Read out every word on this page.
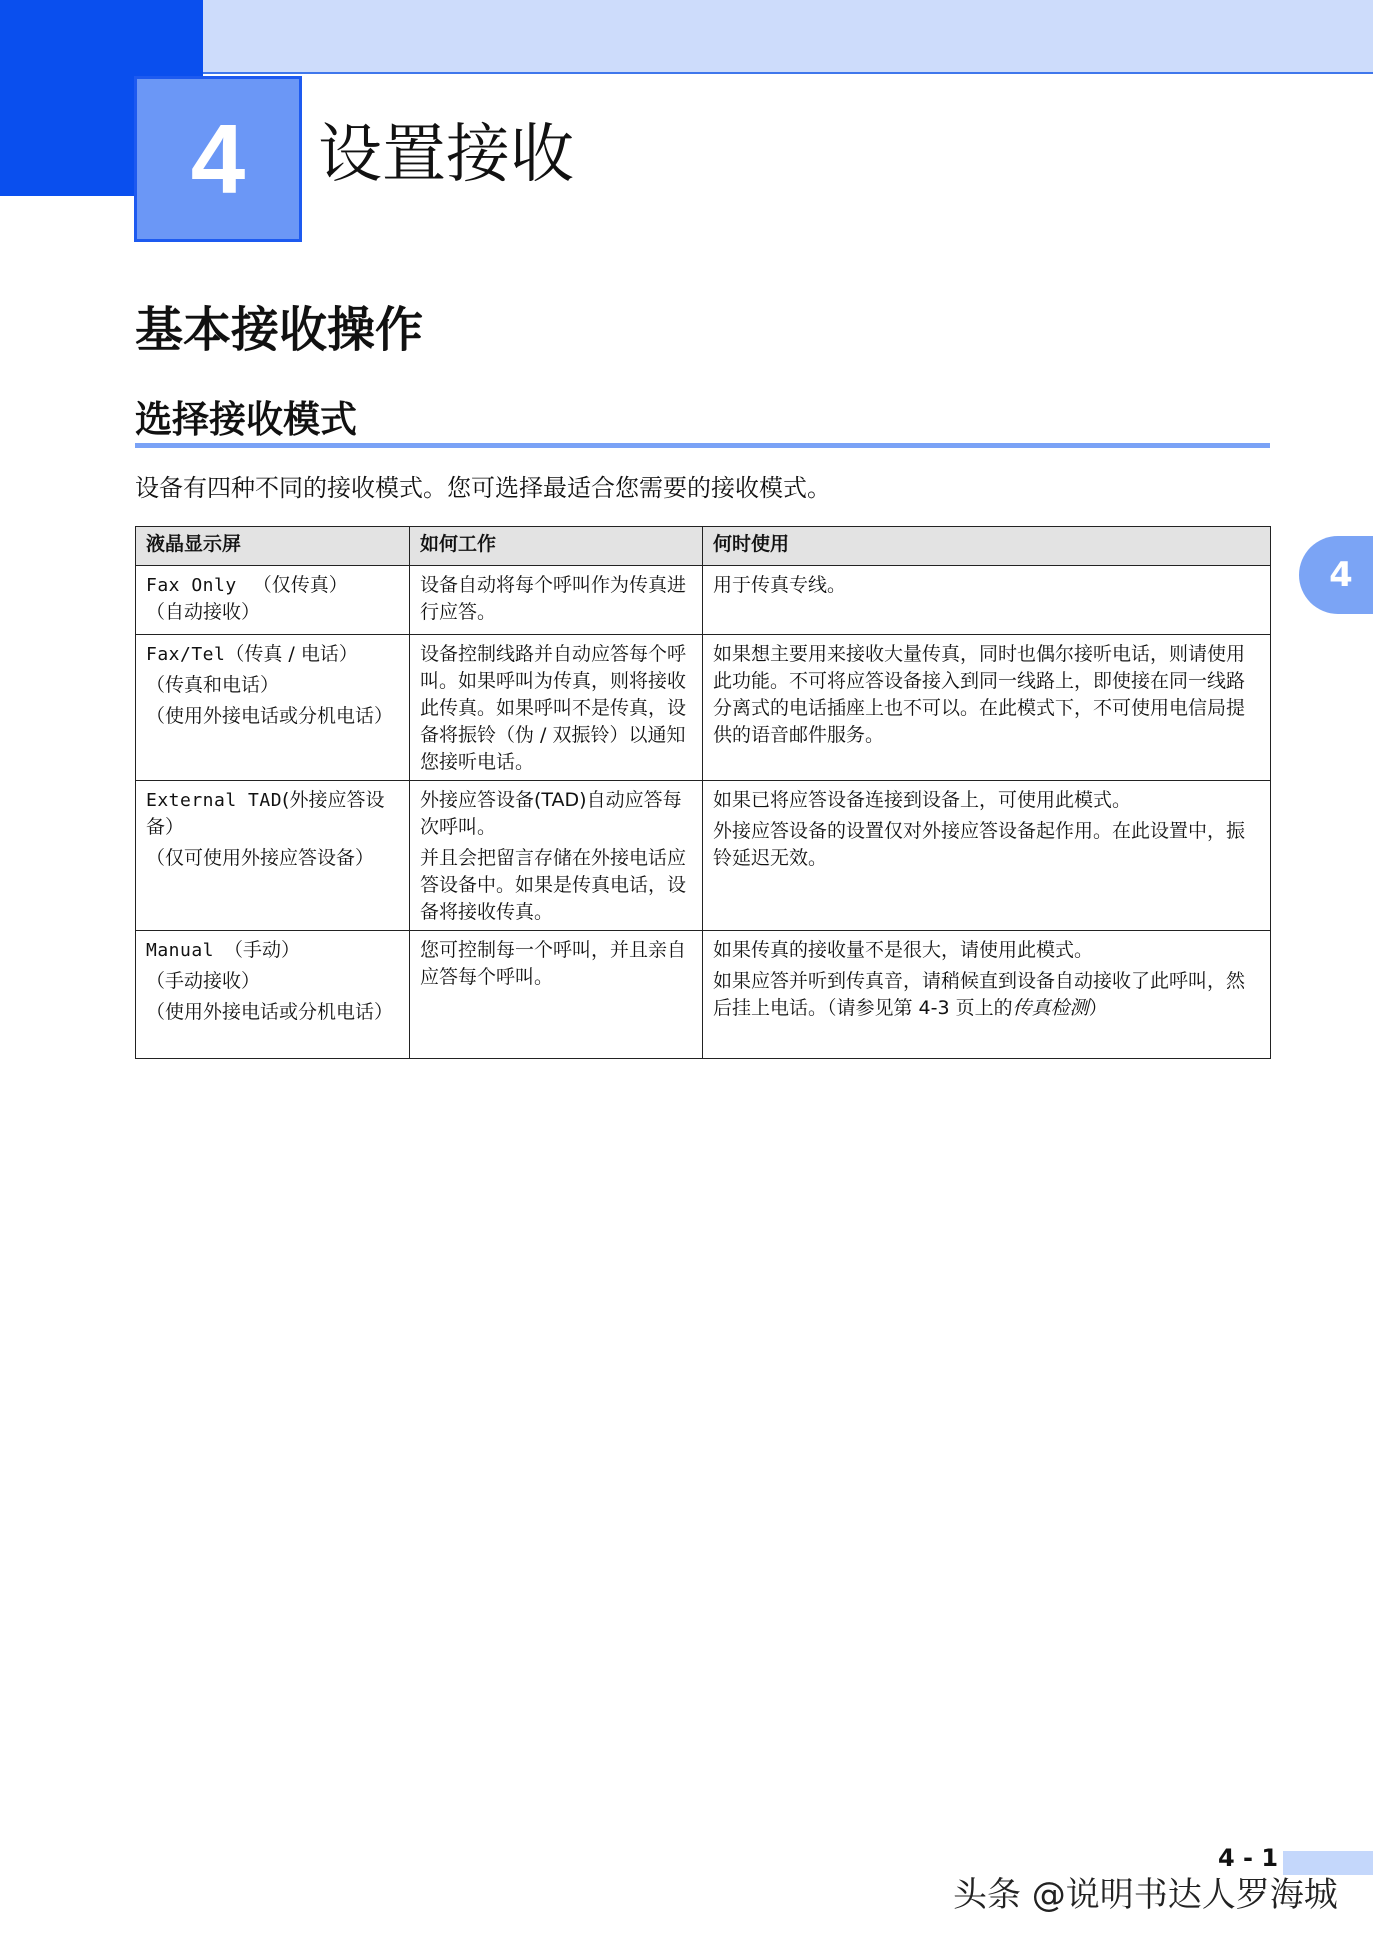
4	设置接收
基本接收操作
选择接收模式
设备有四种不同的接收模式。您可选择最适合您需要的接收模式。
液晶显示屏	如何工作	何时使用

Fax Only （仅传真）
（自动接收）	设备自动将每个呼叫作为传真进行应答。	用于传真专线。

Fax/Tel（传真 / 电话）
（传真和电话）
（使用外接电话或分机电话）	设备控制线路并自动应答每个呼叫。如果呼叫为传真，则将接收此传真。如果呼叫不是传真，设备将振铃（伪 / 双振铃）以通知您接听电话。	如果想主要用来接收大量传真，同时也偶尔接听电话，则请使用此功能。不可将应答设备接入到同一线路上，即使接在同一线路分离式的电话插座上也不可以。在此模式下，不可使用电信局提供的语音邮件服务。

External TAD(外接应答设备）
（仅可使用外接应答设备）	外接应答设备(TAD)自动应答每次呼叫。
并且会把留言存储在外接电话应答设备中。如果是传真电话，设备将接收传真。	如果已将应答设备连接到设备上，可使用此模式。
外接应答设备的设置仅对外接应答设备起作用。在此设置中，振铃延迟无效。

Manual （手动）
（手动接收）
（使用外接电话或分机电话）	您可控制每一个呼叫，并且亲自应答每个呼叫。	如果传真的接收量不是很大，请使用此模式。
如果应答并听到传真音，请稍候直到设备自动接收了此呼叫，然后挂上电话。（请参见第 4-3 页上的传真检测）
4
4 - 1
头条 @说明书达人罗海城
